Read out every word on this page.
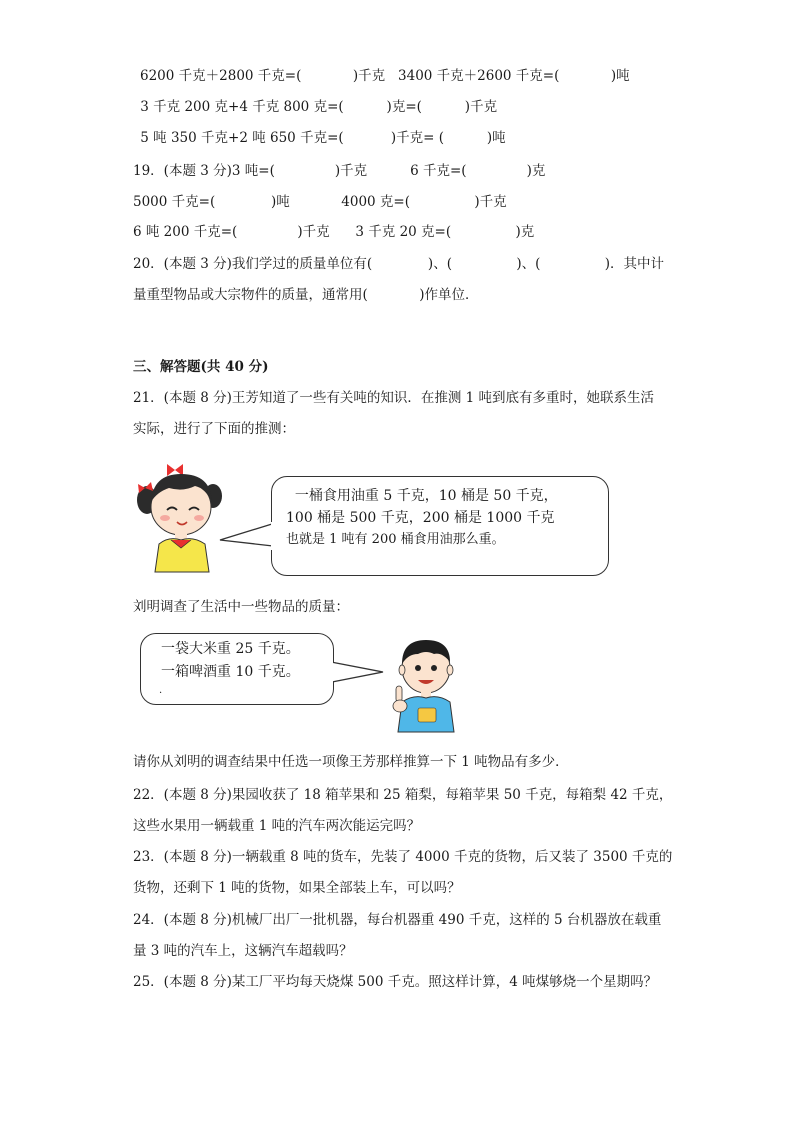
6200 千克＋2800 千克=(            )千克   3400 千克＋2600 千克=(            )吨
3 千克 200 克+4 千克 800 克=(          )克=(          )千克
5 吨 350 千克+2 吨 650 千克=(           )千克= (          )吨
19．(本题 3 分)3 吨=(              )千克          6 千克=(              )克
5000 千克=(             )吨            4000 克=(               )千克
6 吨 200 千克=(              )千克      3 千克 20 克=(               )克
20．(本题 3 分)我们学过的质量单位有(             )、(               )、(               )．其中计
量重型物品或大宗物件的质量，通常用(            )作单位．
三、解答题(共 40 分)
21．(本题 8 分)王芳知道了一些有关吨的知识．在推测 1 吨到底有多重时，她联系生活
实际，进行了下面的推测：
一桶食用油重 5 千克，10 桶是 50 千克，
100 桶是 500 千克，200 桶是 1000 千克
也就是 1 吨有 200 桶食用油那么重。
刘明调查了生活中一些物品的质量：
一袋大米重 25 千克。
一箱啤酒重 10 千克。
.
请你从刘明的调查结果中任选一项像王芳那样推算一下 1 吨物品有多少．
22．(本题 8 分)果园收获了 18 箱苹果和 25 箱梨，每箱苹果 50 千克，每箱梨 42 千克，
这些水果用一辆载重 1 吨的汽车两次能运完吗？
23．(本题 8 分)一辆载重 8 吨的货车，先装了 4000 千克的货物，后又装了 3500 千克的
货物，还剩下 1 吨的货物，如果全部装上车，可以吗？
24．(本题 8 分)机械厂出厂一批机器，每台机器重 490 千克，这样的 5 台机器放在载重
量 3 吨的汽车上，这辆汽车超载吗？
25．(本题 8 分)某工厂平均每天烧煤 500 千克。照这样计算，4 吨煤够烧一个星期吗？
